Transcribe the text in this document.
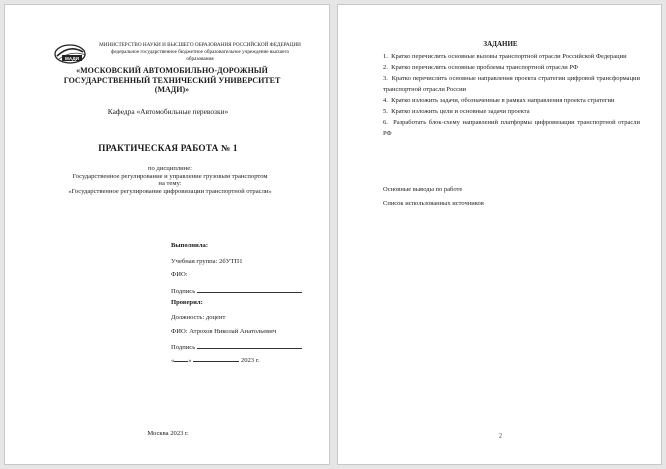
МАДИ
МИНИСТЕРСТВО НАУКИ И ВЫСШЕГО ОБРАЗОВАНИЯ РОССИЙСКОЙ ФЕДЕРАЦИИ
федеральное государственное бюджетное образовательное учреждение высшего
образования
«МОСКОВСКИЙ АВТОМОБИЛЬНО-ДОРОЖНЫЙ
ГОСУДАРСТВЕННЫЙ ТЕХНИЧЕСКИЙ УНИВЕРСИТЕТ
(МАДИ)»
Кафедра «Автомобильные перевозки»
ПРАКТИЧЕСКАЯ РАБОТА № 1
по дисциплине:
Государственное регулирование и управление грузовым транспортом
на тему:
«Государственное регулирование цифровизации транспортной отрасли»
Выполнила:
Учебная группа: 2бУТП1
ФИО:
Подпись
Проверил:
Должность: доцент
ФИО: Атрохов Николай Анатольевич
Подпись
« »	2023 г.
Москва 2023 г.
ЗАДАНИЕ
1. Кратко перечислить основные вызовы транспортной отрасли Российской Федерации
2. Кратко перечислить основные проблемы транспортной отрасли РФ
3. Кратко перечислить основные направления проекта стратегии цифровой трансформации транспортной отрасли России
4. Кратко изложить задачи, обозначенные в рамках направления проекта стратегии
5. Кратко изложить цели и основные задачи проекта
6. Разработать блок-схему направлений платформы цифровизации транспортной отрасли РФ
Основные выводы по работе
Список использованных источников
2
